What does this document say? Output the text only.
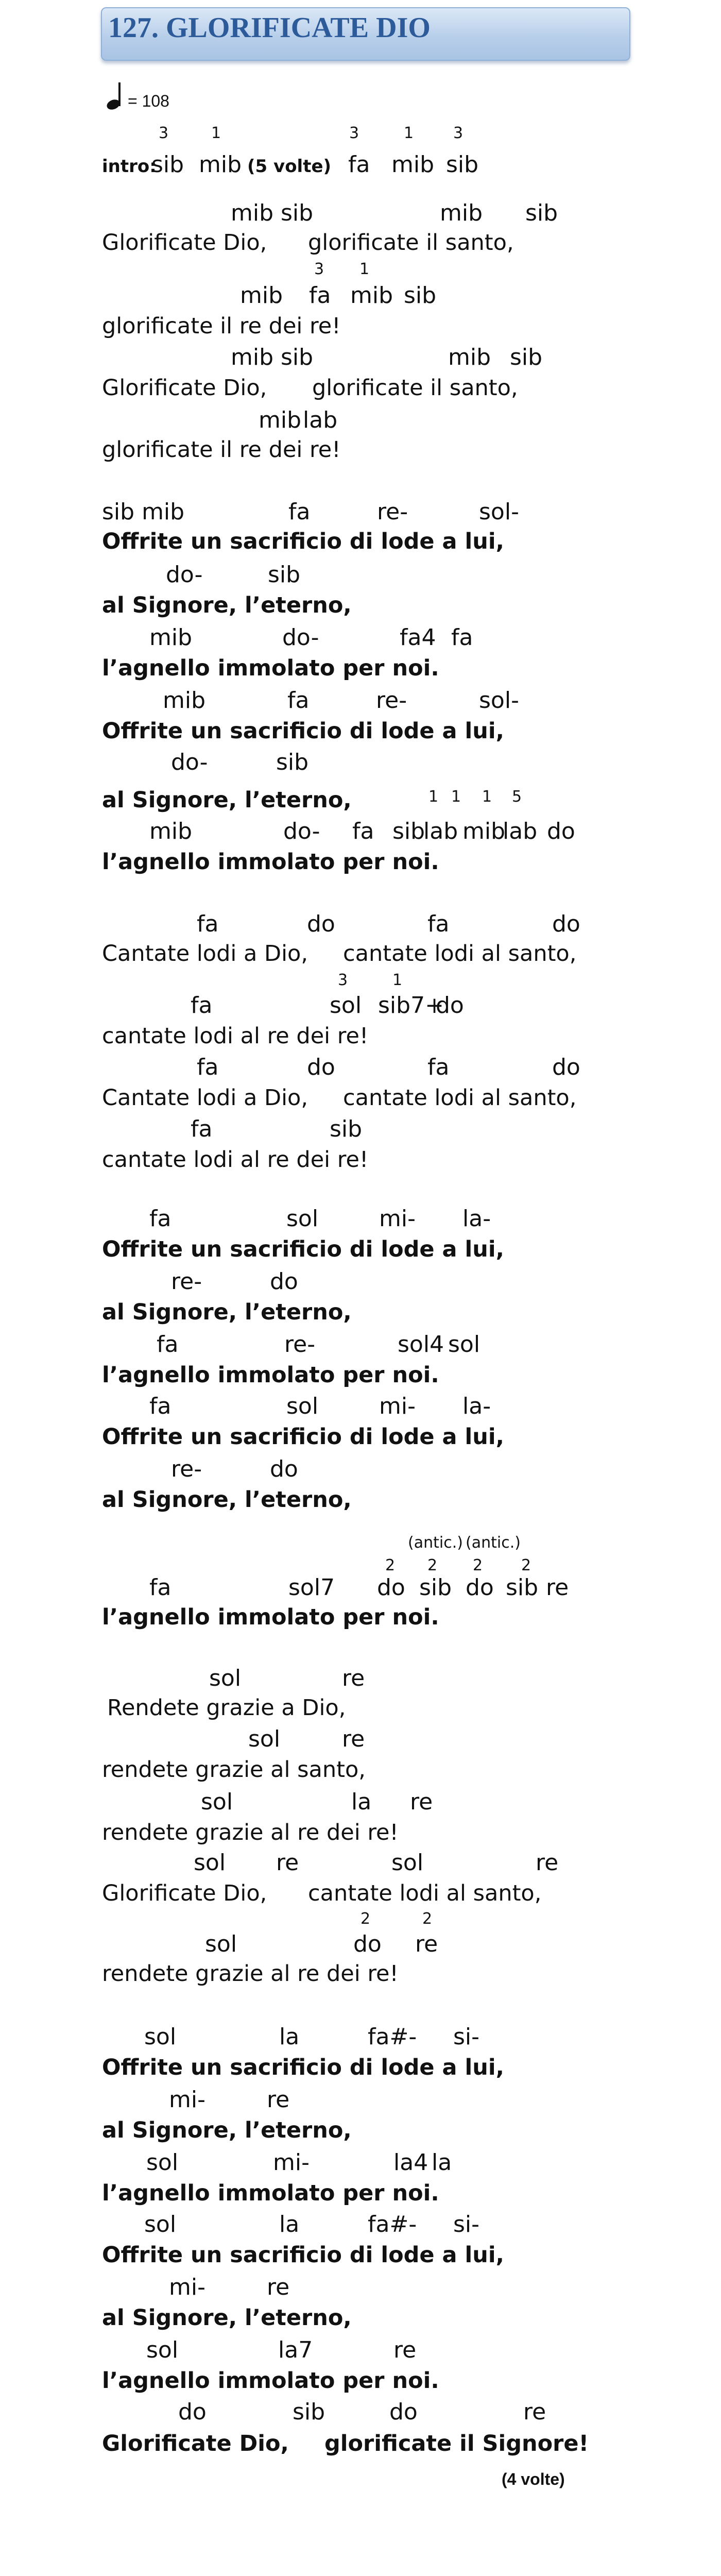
127. GLORIFICATE DIO
= 108
3	1	3	1	3
intro:
sib mib (5 volte) fa mib sib
mib sib	mib sib
Glorificate Dio, glorificate il santo,
3 1
mib fa mib sib
glorificate il re dei re!
mib sib	mib sib
Glorificate Dio, glorificate il santo,
mib lab
glorificate il re dei re!
sib mib	fa	re-	sol-
Offrite un sacrificio di lode a lui,
do-	sib
al Signore, l’eterno,
mib	do-	fa4 fa
l’agnello immolato per noi.
mib	fa	re-	sol-
Offrite un sacrificio di lode a lui,
do-	sib
1 1 1 5
al Signore, l’eterno,
mib	do- fa sib
lab mib
lab do
l’agnello immolato per noi.
fa	do	fa	do
Cantate lodi a Dio, cantate lodi al santo,
3	1
fa	sol sib7+
do
cantate lodi al re dei re!
fa	do	fa	do
Cantate lodi a Dio, cantate lodi al santo,
fa	sib
cantate lodi al re dei re!
fa	sol	mi- la-
Offrite un sacrificio di lode a lui,
re-	do
al Signore, l’eterno,
fa	re-	sol4 sol
l’agnello immolato per noi.
fa	sol	mi- la-
Offrite un sacrificio di lode a lui,
re-	do
al Signore, l’eterno,
(antic.) (antic.)
2 2 2 2
fa	sol7 do sib do sib re
l’agnello immolato per noi.
sol	re
Rendete grazie a Dio,
sol	re
rendete grazie al santo,
sol	la re
rendete grazie al re dei re!
sol re	sol	re
Glorificate Dio, cantate lodi al santo,
2	2
sol	do re
rendete grazie al re dei re!
sol	la	fa#- si-
Offrite un sacrificio di lode a lui,
mi-	re
al Signore, l’eterno,
sol	mi-	la4 la
l’agnello immolato per noi.
sol	la	fa#- si-
Offrite un sacrificio di lode a lui,
mi-	re
al Signore, l’eterno,
sol	la7	re
l’agnello immolato per noi.
do	sib	do	re
Glorificate Dio, glorificate il Signore!
(4 volte)
